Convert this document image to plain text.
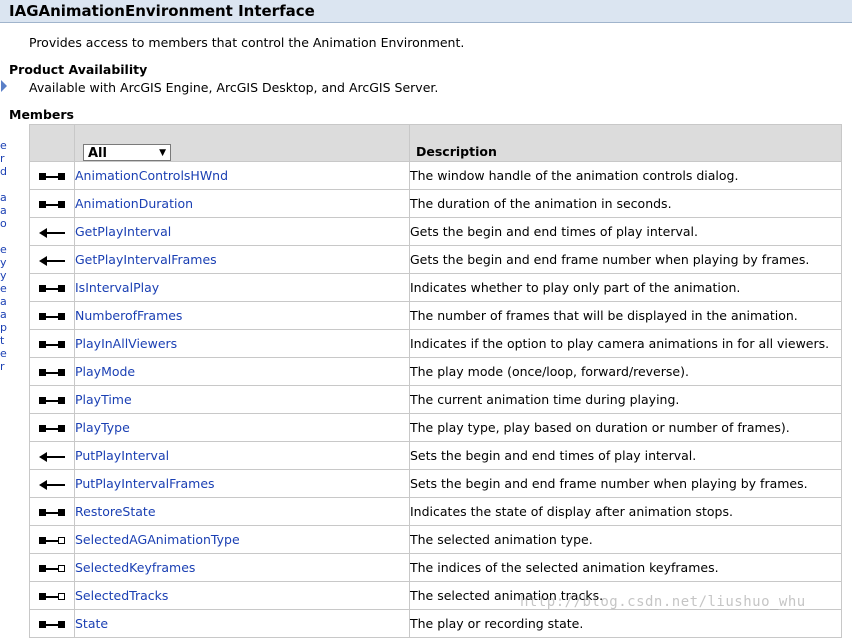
IAGAnimationEnvironment Interface
e
r
d
a
a
o
e
y
y
e
a
a
p
t
e
r
Provides access to members that control the Animation Environment.
Product Availability
Available with ArcGIS Engine, ArcGIS Desktop, and ArcGIS Server.
Members
	All ▼	Description

	AnimationControlsHWnd	The window handle of the animation controls dialog.

	AnimationDuration	The duration of the animation in seconds.

	GetPlayInterval	Gets the begin and end times of play interval.

	GetPlayIntervalFrames	Gets the begin and end frame number when playing by frames.

	IsIntervalPlay	Indicates whether to play only part of the animation.

	NumberofFrames	The number of frames that will be displayed in the animation.

	PlayInAllViewers	Indicates if the option to play camera animations in for all viewers.

	PlayMode	The play mode (once/loop, forward/reverse).

	PlayTime	The current animation time during playing.

	PlayType	The play type, play based on duration or number of frames).

	PutPlayInterval	Sets the begin and end times of play interval.

	PutPlayIntervalFrames	Sets the begin and end frame number when playing by frames.

	RestoreState	Indicates the state of display after animation stops.

	SelectedAGAnimationType	The selected animation type.

	SelectedKeyframes	The indices of the selected animation keyframes.

	SelectedTracks	The selected animation tracks.

	State	The play or recording state.
http://blog.csdn.net/liushuo_whu
